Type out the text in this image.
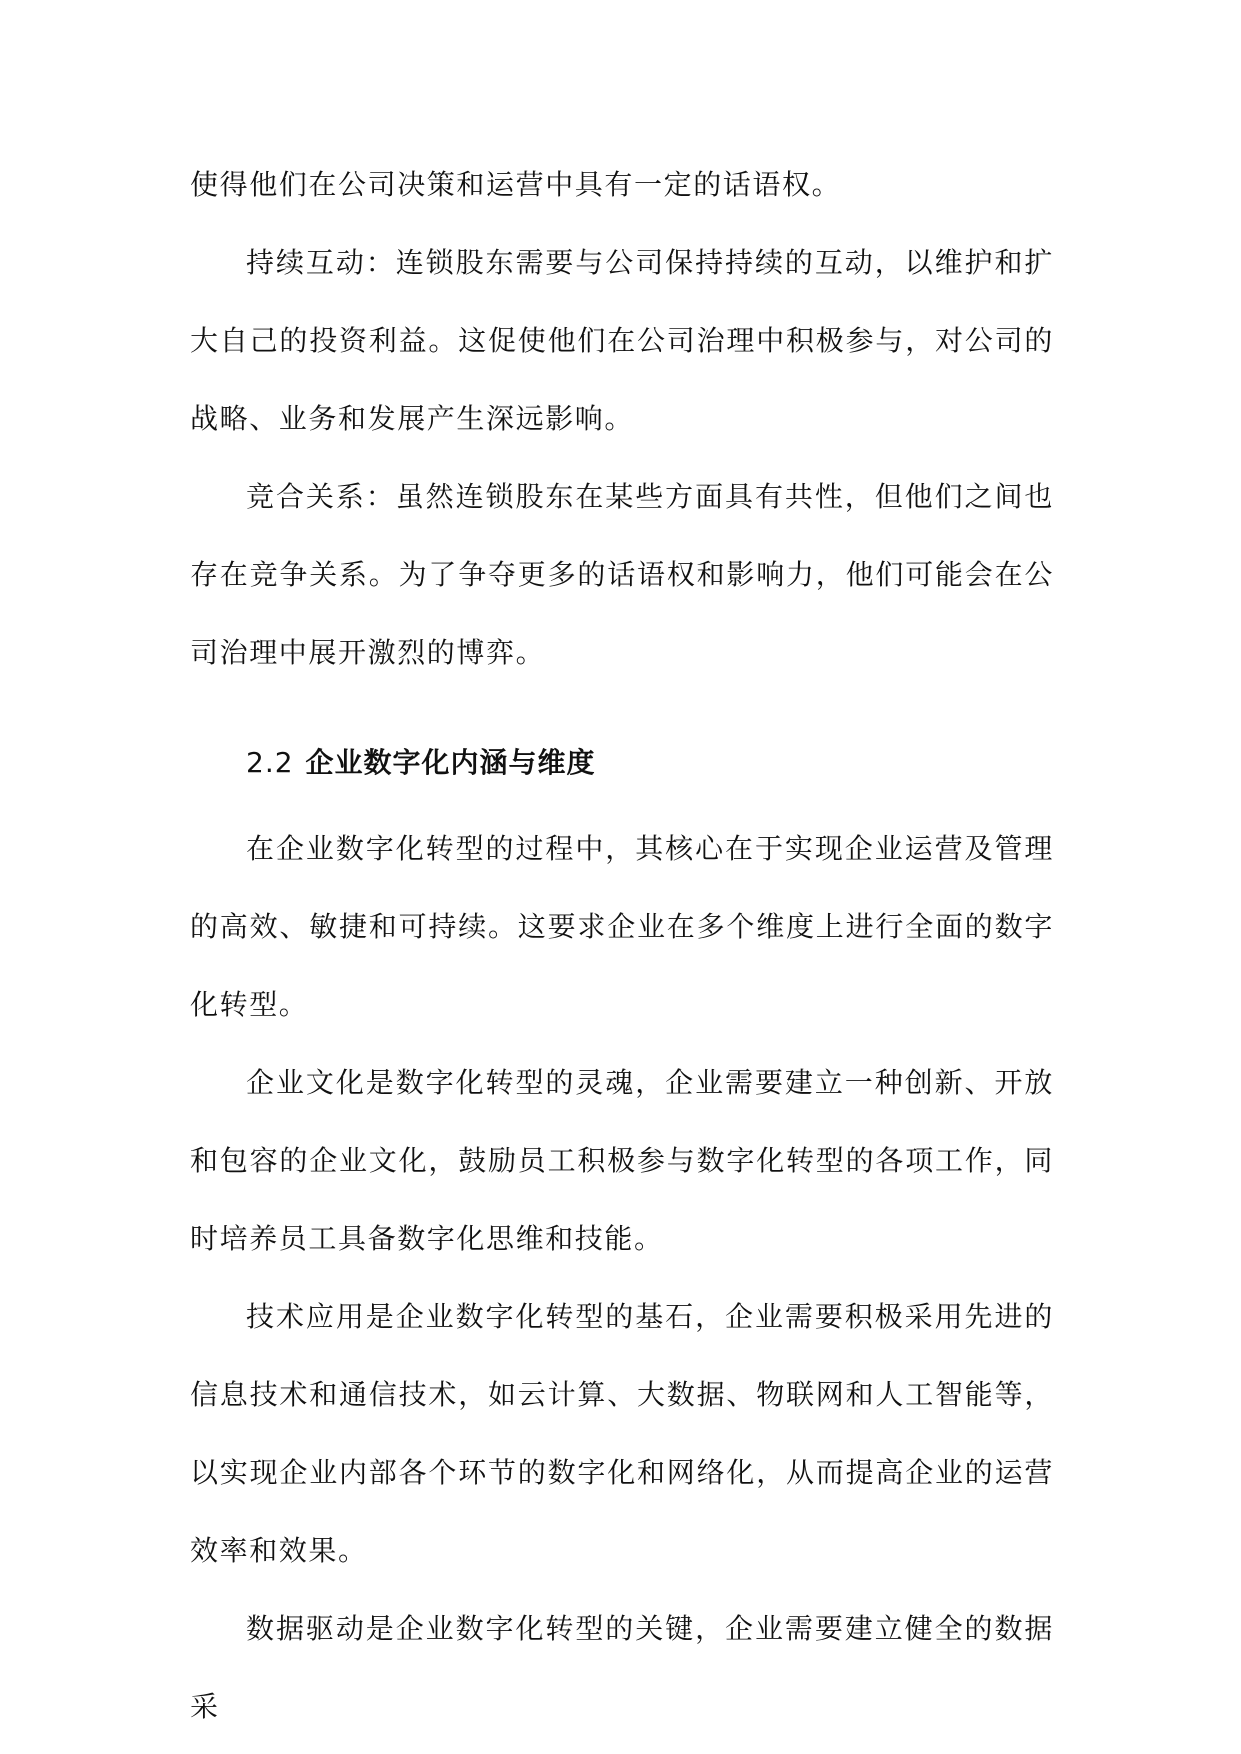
使得他们在公司决策和运营中具有一定的话语权。

持续互动：连锁股东需要与公司保持持续的互动，以维护和扩大自己的投资利益。这促使他们在公司治理中积极参与，对公司的战略、业务和发展产生深远影响。

竞合关系：虽然连锁股东在某些方面具有共性，但他们之间也存在竞争关系。为了争夺更多的话语权和影响力，他们可能会在公司治理中展开激烈的博弈。

2.2 企业数字化内涵与维度

在企业数字化转型的过程中，其核心在于实现企业运营及管理的高效、敏捷和可持续。这要求企业在多个维度上进行全面的数字化转型。

企业文化是数字化转型的灵魂，企业需要建立一种创新、开放和包容的企业文化，鼓励员工积极参与数字化转型的各项工作，同时培养员工具备数字化思维和技能。

技术应用是企业数字化转型的基石，企业需要积极采用先进的信息技术和通信技术，如云计算、大数据、物联网和人工智能等，以实现企业内部各个环节的数字化和网络化，从而提高企业的运营效率和效果。

数据驱动是企业数字化转型的关键，企业需要建立健全的数据采
